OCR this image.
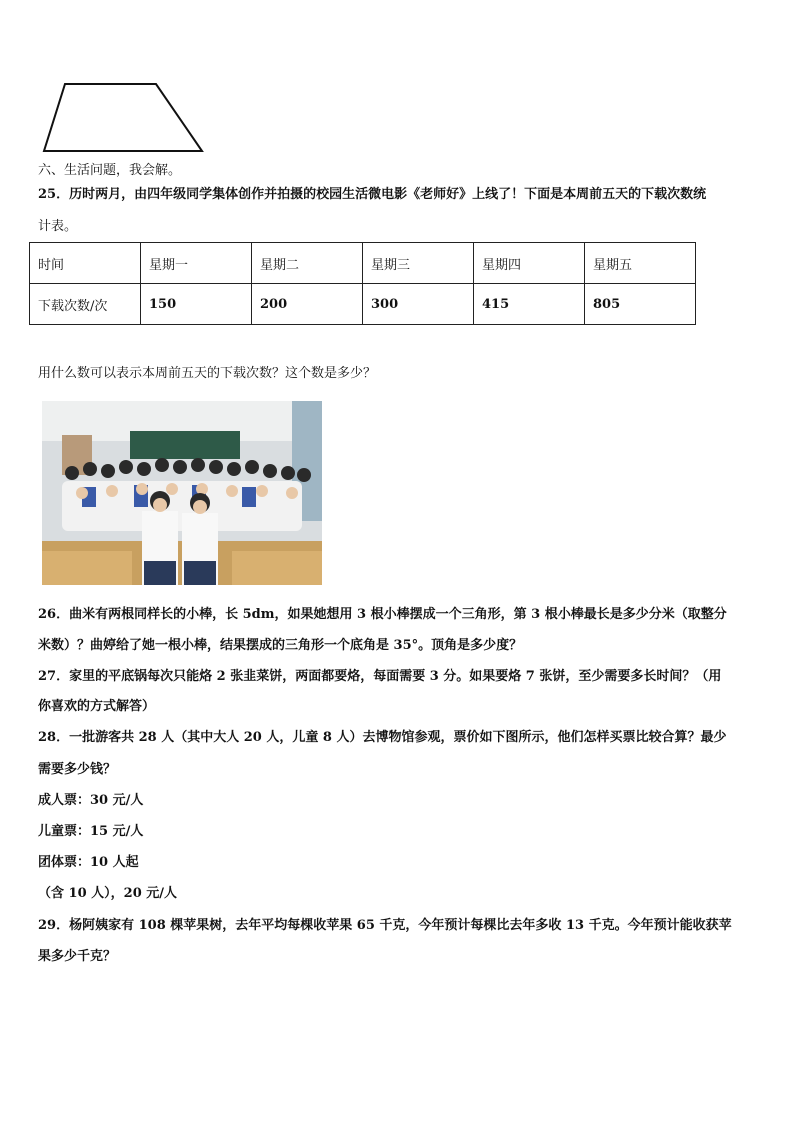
六、生活问题，我会解。
25．历时两月，由四年级同学集体创作并拍摄的校园生活微电影《老师好》上线了！下面是本周前五天的下载次数统
计表。
时间	星期一	星期二	星期三	星期四	星期五
下载次数/次	150	200	300	415	805
用什么数可以表示本周前五天的下载次数？这个数是多少？
26．曲米有两根同样长的小棒，长 5dm，如果她想用 3 根小棒摆成一个三角形，第 3 根小棒最长是多少分米（取整分
米数）？曲婷给了她一根小棒，结果摆成的三角形一个底角是 35°。顶角是多少度？
27．家里的平底锅每次只能烙 2 张韭菜饼，两面都要烙，每面需要 3 分。如果要烙 7 张饼，至少需要多长时间？（用
你喜欢的方式解答）
28．一批游客共 28 人（其中大人 20 人，儿童 8 人）去博物馆参观，票价如下图所示，他们怎样买票比较合算？最少
需要多少钱？
成人票：30 元/人
儿童票：15 元/人
团体票：10 人起
（含 10 人），20 元/人
29．杨阿姨家有 108 棵苹果树，去年平均每棵收苹果 65 千克，今年预计每棵比去年多收 13 千克。今年预计能收获苹
果多少千克？
